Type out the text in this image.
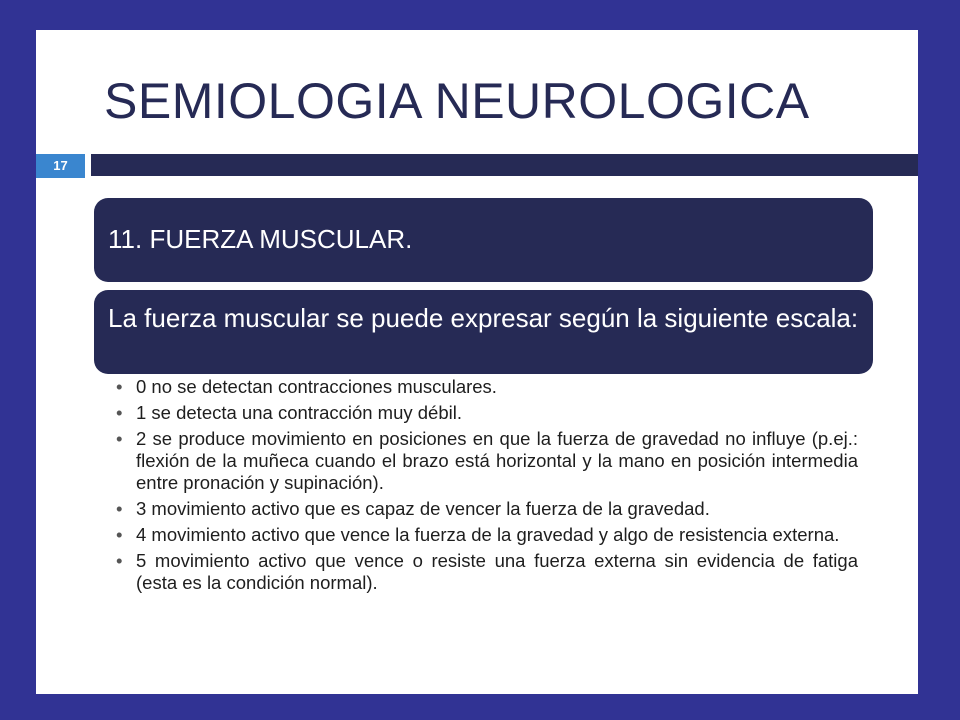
SEMIOLOGIA NEUROLOGICA
17
11. FUERZA MUSCULAR.
La fuerza muscular se puede expresar según la siguiente escala:
• 0 no se detectan contracciones musculares.
• 1 se detecta una contracción muy débil.
• 2 se produce movimiento en posiciones en que la fuerza de gravedad no influye (p.ej.: flexión de la muñeca cuando el brazo está horizontal y la mano en posición intermedia entre pronación y supinación).
• 3 movimiento activo que es capaz de vencer la fuerza de la gravedad.
• 4 movimiento activo que vence la fuerza de la gravedad y algo de resistencia externa.
• 5 movimiento activo que vence o resiste una fuerza externa sin evidencia de fatiga (esta es la condición normal).
